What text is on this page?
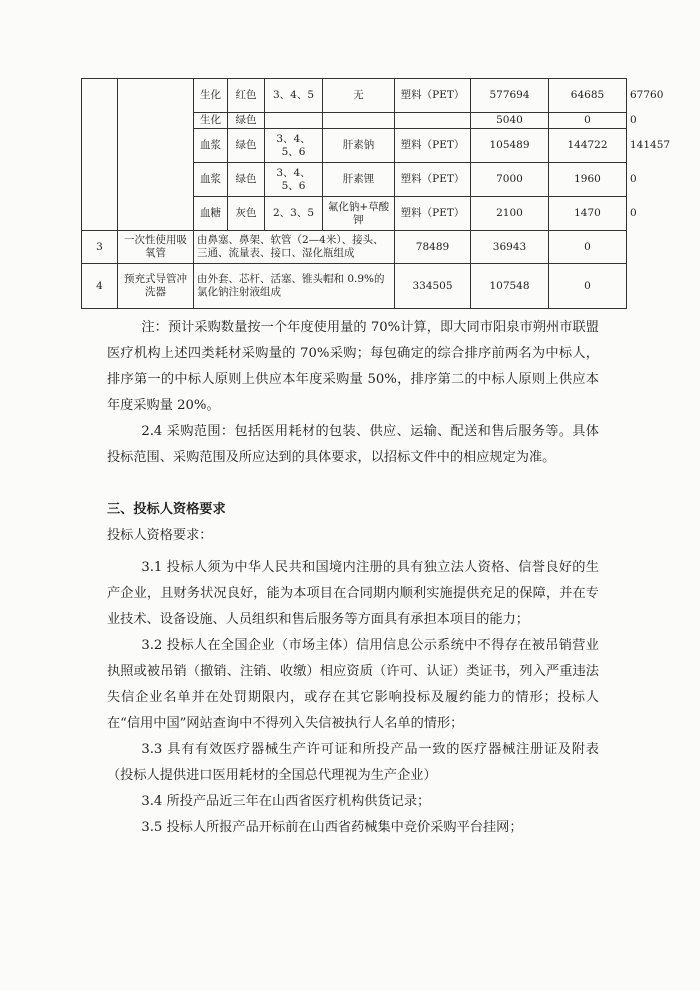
		生化	红色	3、4、5	无	塑料（PET）	577694	64685	67760
		生化	绿色				5040	0	0
		血浆	绿色	3、4、5、6	肝素钠	塑料（PET）	105489	144722	141457
		血浆	绿色	3、4、5、6	肝素锂	塑料（PET）	7000	1960	0
		血糖	灰色	2、3、5	氟化钠+草酸钾	塑料（PET）	2100	1470	0
3	一次性使用吸氧管	由鼻塞、鼻架、软管（2—4米）、接头、三通、流量表、接口、湿化瓶组成				78489	36943	0	
4	预充式导管冲洗器	由外套、芯杆、活塞、锥头帽和 0.9%的氯化钠注射液组成				334505	107548	0	

注：预计采购数量按一个年度使用量的 70%计算，即大同市阳泉市朔州市联盟医疗机构上述四类耗材采购量的 70%采购；每包确定的综合排序前两名为中标人，排序第一的中标人原则上供应本年度采购量 50%，排序第二的中标人原则上供应本年度采购量 20%。

2.4 采购范围：包括医用耗材的包装、供应、运输、配送和售后服务等。具体投标范围、采购范围及所应达到的具体要求，以招标文件中的相应规定为准。

三、投标人资格要求

投标人资格要求：

3.1 投标人须为中华人民共和国境内注册的具有独立法人资格、信誉良好的生产企业，且财务状况良好，能为本项目在合同期内顺利实施提供充足的保障，并在专业技术、设备设施、人员组织和售后服务等方面具有承担本项目的能力；

3.2 投标人在全国企业（市场主体）信用信息公示系统中不得存在被吊销营业执照或被吊销（撤销、注销、收缴）相应资质（许可、认证）类证书，列入严重违法失信企业名单并在处罚期限内，或存在其它影响投标及履约能力的情形；投标人在“信用中国”网站查询中不得列入失信被执行人名单的情形；

3.3 具有有效医疗器械生产许可证和所投产品一致的医疗器械注册证及附表（投标人提供进口医用耗材的全国总代理视为生产企业）

3.4 所投产品近三年在山西省医疗机构供货记录；

3.5 投标人所报产品开标前在山西省药械集中竞价采购平台挂网；
